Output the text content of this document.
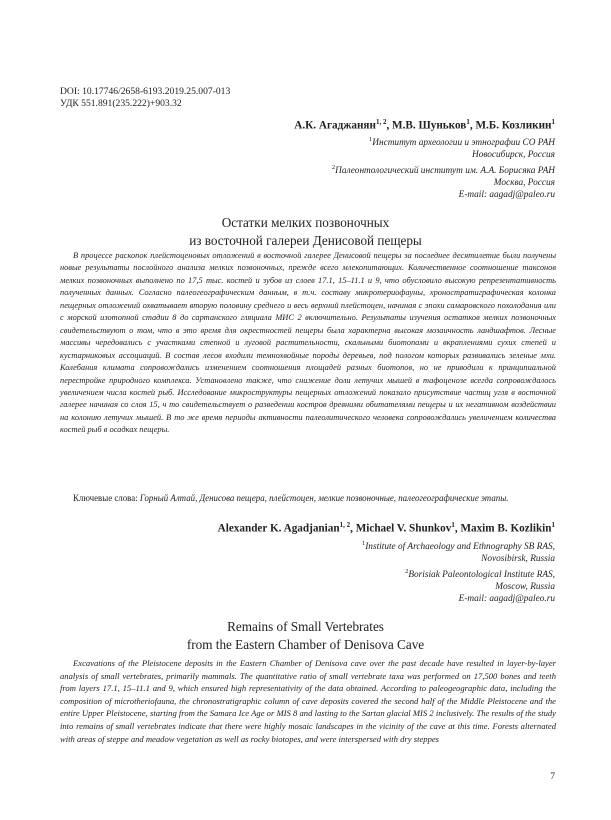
DOI: 10.17746/2658-6193.2019.25.007-013
УДК 551.891(235.222)+903.32
А.К. Агаджанян$^{1, 2}$, М.В. Шуньков$^1$, М.Б. Козликин$^1$
$^1$Институт археологии и этнографии СО РАН
Новосибирск, Россия
$^2$Палеонтологический институт им. А.А. Борисяка РАН
Москва, Россия
E-mail: aagadj@paleo.ru
Остатки мелких позвоночных
из восточной галереи Денисовой пещеры

В процессе раскопок плейстоценовых отложений в восточной галерее Денисовой пещеры за последнее десятилетие были получены новые результаты послойного анализа мелких позвоночных, прежде всего млекопитающих. Количественное соотношение таксонов мелких позвоночных выполнено по 17,5 тыс. костей и зубов из слоев 17.1, 15–11.1 и 9, что обусловило высокую репрезентативность полученных данных. Согласно палеогеографическим данным, в т.ч. составу микротериофауны, хроностратиграфическая колонка пещерных отложений охватывает вторую половину среднего и весь верхний плейстоцен, начиная с эпохи самаровского похолодания или с морской изотопной стадии 8 до сартанского гляциала МИС 2 включительно. Результаты изучения остатков мелких позвоночных свидетельствуют о том, что в это время для окрестностей пещеры была характерна высокая мозаичность ландшафтов. Лесные массивы чередовались с участками степной и луговой растительности, скальными биотопами и вкраплениями сухих степей и кустарниковых ассоциаций. В состав лесов входили темнохвойные породы деревьев, под пологом которых развивались зеленые мхи. Колебания климата сопровождались изменением соотношения площадей разных биотопов, но не приводили к принципиальной перестройке природного комплекса. Установлено также, что снижение доли летучих мышей в тафоценозе всегда сопровождалось увеличением числа костей рыб. Исследование микроструктуры пещерных отложений показало присутствие частиц угля в восточной галерее начиная со слоя 15, ч то свидетельствует о разведении костров древними обитателями пещеры и их негативном воздействии на колонию летучих мышей. В то же время периоды активности палеолитического человека сопровождались увеличением количества костей рыб в осадках пещеры.

Ключевые слова: Горный Алтай, Денисова пещера, плейстоцен, мелкие позвоночные, палеогеографические этапы.

Alexander K. Agadjanian$^{1, 2}$, Michael V. Shunkov$^1$, Maxim B. Kozlikin$^1$
$^1$Institute of Archaeology and Ethnography SB RAS,
Novosibirsk, Russia
$^2$Borisiak Paleontological Institute RAS,
Moscow, Russia
E-mail: aagadj@paleo.ru
Remains of Small Vertebrates
from the Eastern Chamber of Denisova Cave

Excavations of the Pleistocene deposits in the Eastern Chamber of Denisova cave over the past decade have resulted in layer-by-layer analysis of small vertebrates, primarily mammals. The quantitative ratio of small vertebrate taxa was performed on 17,500 bones and teeth from layers 17.1, 15–11.1 and 9, which ensured high representativity of the data obtained. According to paleogeographic data, including the composition of microtheriofauna, the chronostratigraphic column of cave deposits covered the second half of the Middle Pleistocene and the entire Upper Pleistocene, starting from the Samara Ice Age or MIS 8 and lasting to the Sartan glacial MIS 2 inclusively. The results of the study into remains of small vertebrates indicate that there were highly mosaic landscapes in the vicinity of the cave at this time. Forests alternated with areas of steppe and meadow vegetation as well as rocky biotopes, and were interspersed with dry steppes

7
